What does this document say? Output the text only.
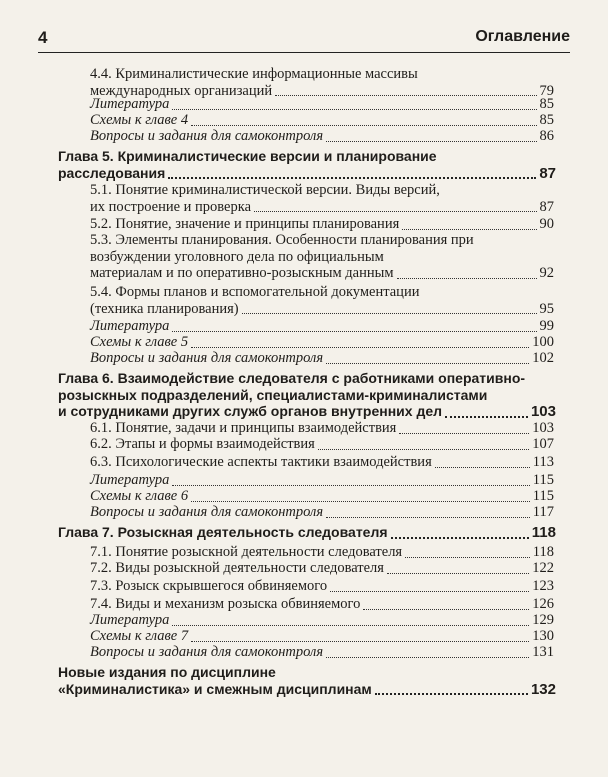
4	Оглавление
4.4. Криминалистические информационные массивы
международных организаций	79
Литература	85
Схемы к главе 4	85
Вопросы и задания для самоконтроля	86
Глава 5. Криминалистические версии и планирование
расследования	87
5.1. Понятие криминалистической версии. Виды версий,
их построение и проверка	87
5.2. Понятие, значение и принципы планирования	90
5.3. Элементы планирования. Особенности планирования при возбуждении уголовного дела по официальным
материалам и по оперативно-розыскным данным	92
5.4. Формы планов и вспомогательной документации
(техника планирования)	95
Литература	99
Схемы к главе 5	100
Вопросы и задания для самоконтроля	102
Глава 6. Взаимодействие следователя с работниками оперативно-розыскных подразделений, специалистами-криминалистами
и сотрудниками других служб органов внутренних дел	103
6.1. Понятие, задачи и принципы взаимодействия	103
6.2. Этапы и формы взаимодействия	107
6.3. Психологические аспекты тактики взаимодействия	113
Литература	115
Схемы к главе 6	115
Вопросы и задания для самоконтроля	117
Глава 7. Розыскная деятельность следователя	118
7.1. Понятие розыскной деятельности следователя	118
7.2. Виды розыскной деятельности следователя	122
7.3. Розыск скрывшегося обвиняемого	123
7.4. Виды и механизм розыска обвиняемого	126
Литература	129
Схемы к главе 7	130
Вопросы и задания для самоконтроля	131
Новые издания по дисциплине
«Криминалистика» и смежным дисциплинам	132
